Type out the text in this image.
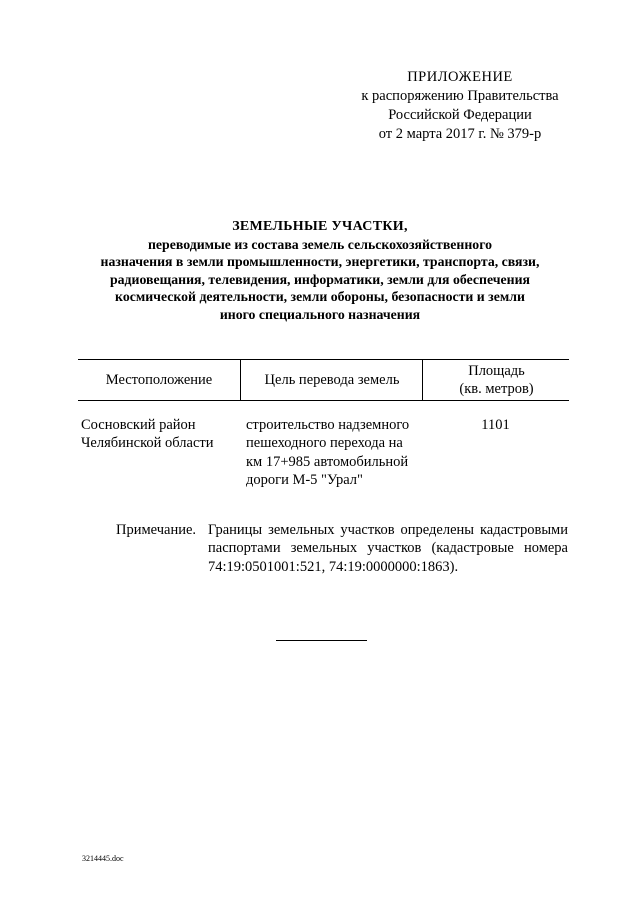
ПРИЛОЖЕНИЕ
к распоряжению Правительства
Российской Федерации
от 2 марта 2017 г. № 379-р
ЗЕМЕЛЬНЫЕ УЧАСТКИ,
переводимые из состава земель сельскохозяйственного
назначения в земли промышленности, энергетики, транспорта, связи,
радиовещания, телевидения, информатики, земли для обеспечения
космической деятельности, земли обороны, безопасности и земли
иного специального назначения
Местоположение	Цель перевода земель
Площадь
(кв. метров)
Сосновский район
Челябинской области
строительство надземного
пешеходного перехода на
км 17+985 автомобильной
дороги М-5 "Урал"
1101
Примечание. Границы земельных участков определены кадастровыми паспортами земельных участков (кадастровые номера 74:19:0501001:521, 74:19:0000000:1863).
3214445.doc
